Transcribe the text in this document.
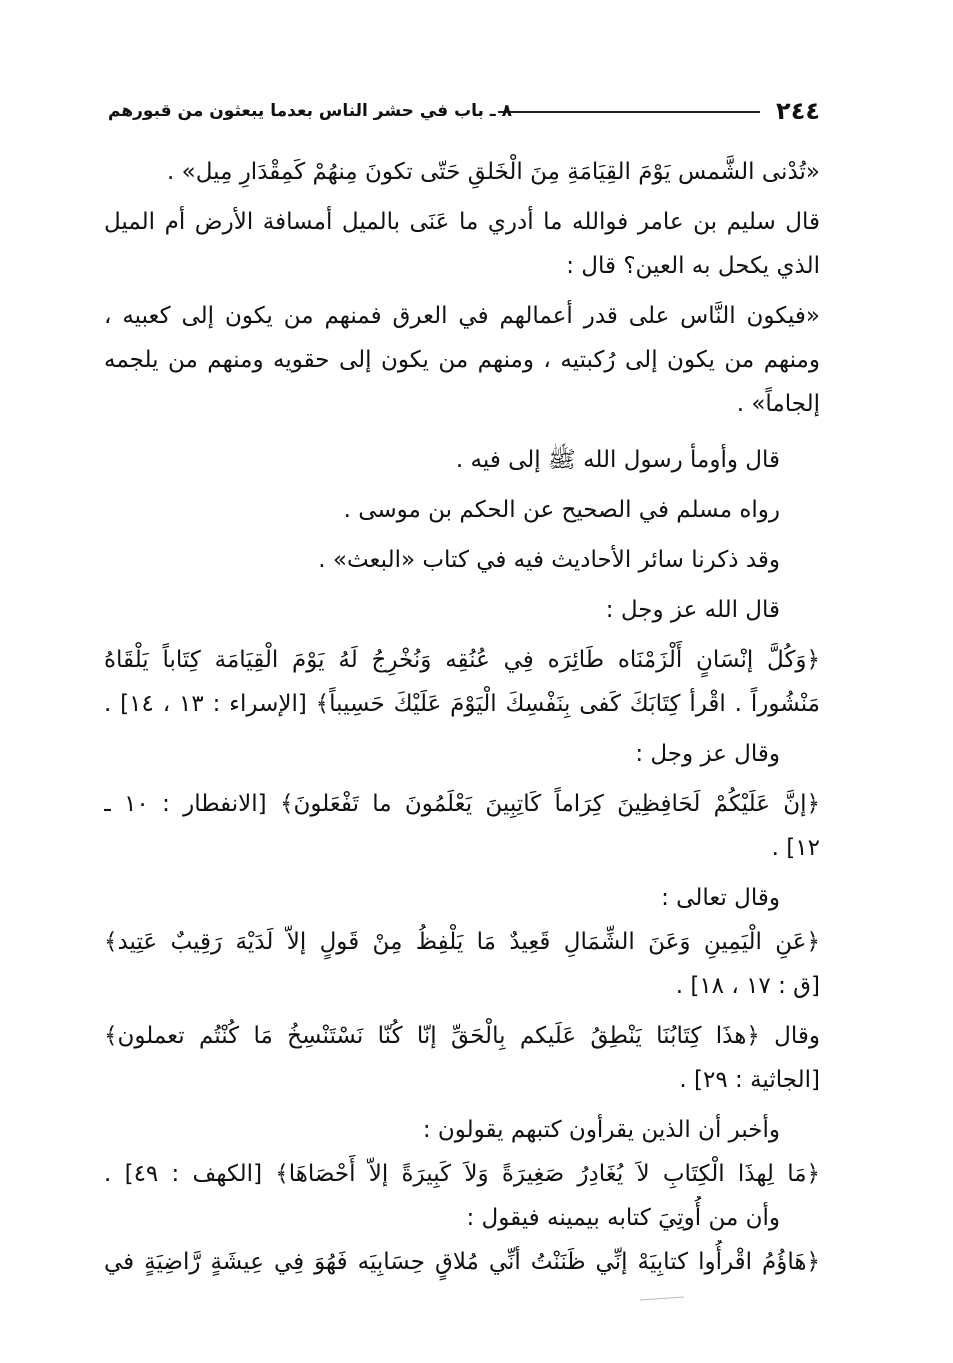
٢٤٤
٨ ـ باب في حشر الناس بعدما يبعثون من قبورهم
«تُدْنى الشَّمس يَوْمَ القِيَامَةِ مِنَ الْخَلقِ حَتّى تكونَ مِنهُمْ كَمِقْدَارِ مِيل» .
قال سليم بن عامر فوالله ما أدري ما عَنَى بالميل أمسافة الأرض أم الميل
الذي يكحل به العين؟ قال :
«فيكون النَّاس على قدر أعمالهم في العرق فمنهم من يكون إلى كعبيه ،
ومنهم من يكون إلى رُكبتيه ، ومنهم من يكون إلى حقويه ومنهم من يلجمه
إلجاماً» .
قال وأومأ رسول الله ﷺ إلى فيه .
رواه مسلم في الصحيح عن الحكم بن موسى .
وقد ذكرنا سائر الأحاديث فيه في كتاب «البعث» .
قال الله عز وجل :
﴿وَكُلَّ إنْسَانٍ أَلْزَمْنَاه طَائِرَه فِي عُنُقِه وَنُخْرِجُ لَهُ يَوْمَ الْقِيَامَة كِتَاباً يَلْقَاهُ
مَنْشُوراً . اقْرأ كِتَابَكَ كَفى بِنَفْسِكَ الْيَوْمَ عَلَيْكَ حَسِيباً﴾ [الإسراء : ١٣ ، ١٤] .
وقال عز وجل :
﴿إنَّ عَلَيْكُمْ لَحَافِظِينَ كِرَاماً كَاتِبِينَ يَعْلَمُونَ ما تَفْعَلونَ﴾ [الانفطار : ١٠ ـ
١٢] .
وقال تعالى :
﴿عَنِ الْيَمِينِ وَعَنَ الشِّمَالِ قَعِيدٌ مَا يَلْفِظُ مِنْ قَولٍ إلاّ لَدَيْهَ رَقِيبٌ عَتِيد﴾
[ق : ١٧ ، ١٨] .
وقال ﴿هذَا كِتَابُنَا يَنْطِقُ عَلَيكم بِالْحَقِّ إنّا كُنّا نَسْتَنْسِخُ مَا كُنْتُم تعملون﴾
[الجاثية : ٢٩] .
وأخبر أن الذين يقرأون كتبهم يقولون :
﴿مَا لِهذَا الْكِتَابِ لاَ يُغَادِرُ صَغِيرَةً وَلاَ كَبِيرَةً إلاّ أَحْصَاهَا﴾ [الكهف : ٤٩] .
وأن من أُوتِيَ كتابه بيمينه فيقول :
﴿هَاؤُمُ اقْرأُوا كتابِيَهْ إنِّي ظَنَنْتُ أنِّي مُلاقٍ حِسَابِيَه فَهُوَ فِي عِيشَةٍ رَّاضِيَةٍ في
